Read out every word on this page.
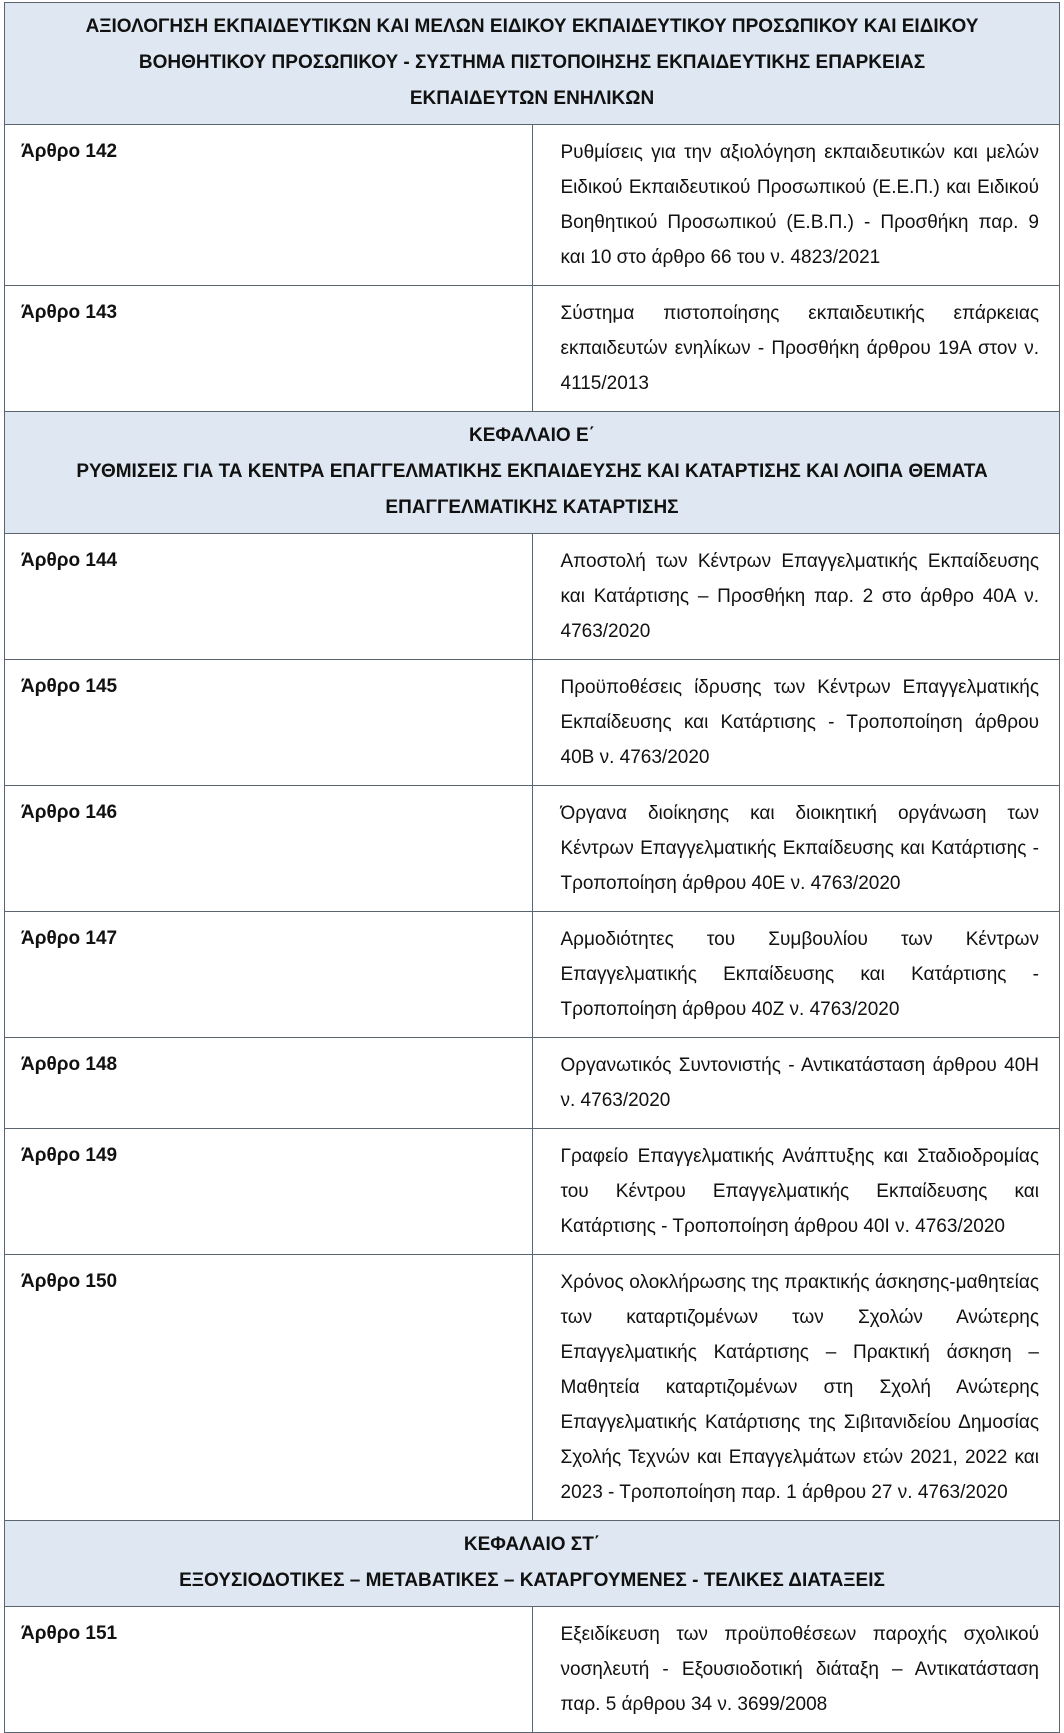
ΑΞΙΟΛΟΓΗΣΗ ΕΚΠΑΙΔΕΥΤΙΚΩΝ ΚΑΙ ΜΕΛΩΝ ΕΙΔΙΚΟΥ ΕΚΠΑΙΔΕΥΤΙΚΟΥ ΠΡΟΣΩΠΙΚΟΥ ΚΑΙ ΕΙΔΙΚΟΥ
ΒΟΗΘΗΤΙΚΟΥ ΠΡΟΣΩΠΙΚΟΥ - ΣΥΣΤΗΜΑ ΠΙΣΤΟΠΟΙΗΣΗΣ ΕΚΠΑΙΔΕΥΤΙΚΗΣ ΕΠΑΡΚΕΙΑΣ
ΕΚΠΑΙΔΕΥΤΩΝ ΕΝΗΛΙΚΩΝ	

Άρθρο 142	Ρυθμίσεις για την αξιολόγηση εκπαιδευτικών και μελών Ειδικού Εκπαιδευτικού Προσωπικού (Ε.Ε.Π.) και Ειδικού Βοηθητικού Προσωπικού (Ε.Β.Π.) - Προσθήκη παρ. 9 και 10 στο άρθρο 66 του ν. 4823/2021
Άρθρο 143	Σύστημα πιστοποίησης εκπαιδευτικής επάρκειας εκπαιδευτών ενηλίκων - Προσθήκη άρθρου 19Α στον ν. 4115/2013

ΚΕΦΑΛΑΙΟ Ε΄
ΡΥΘΜΙΣΕΙΣ ΓΙΑ ΤΑ ΚΕΝΤΡΑ ΕΠΑΓΓΕΛΜΑΤΙΚΗΣ ΕΚΠΑΙΔΕΥΣΗΣ ΚΑΙ ΚΑΤΑΡΤΙΣΗΣ ΚΑΙ ΛΟΙΠΑ ΘΕΜΑΤΑ
ΕΠΑΓΓΕΛΜΑΤΙΚΗΣ ΚΑΤΑΡΤΙΣΗΣ	

Άρθρο 144	Αποστολή των Κέντρων Επαγγελματικής Εκπαίδευσης και Κατάρτισης – Προσθήκη παρ. 2 στο άρθρο 40Α ν. 4763/2020
Άρθρο 145	Προϋποθέσεις ίδρυσης των Κέντρων Επαγγελματικής Εκπαίδευσης και Κατάρτισης - Τροποποίηση άρθρου 40Β ν. 4763/2020
Άρθρο 146	Όργανα διοίκησης και διοικητική οργάνωση των Κέντρων Επαγγελματικής Εκπαίδευσης και Κατάρτισης - Τροποποίηση άρθρου 40Ε ν. 4763/2020
Άρθρο 147	Αρμοδιότητες του Συμβουλίου των Κέντρων Επαγγελματικής Εκπαίδευσης και Κατάρτισης - Τροποποίηση άρθρου 40Ζ ν. 4763/2020
Άρθρο 148	Οργανωτικός Συντονιστής - Αντικατάσταση άρθρου 40Η ν. 4763/2020
Άρθρο 149	Γραφείο Επαγγελματικής Ανάπτυξης και Σταδιοδρομίας του Κέντρου Επαγγελματικής Εκπαίδευσης και Κατάρτισης - Τροποποίηση άρθρου 40Ι ν. 4763/2020
Άρθρο 150	Χρόνος ολοκλήρωσης της πρακτικής άσκησης-μαθητείας των καταρτιζομένων των Σχολών Ανώτερης Επαγγελματικής Κατάρτισης – Πρακτική άσκηση – Μαθητεία καταρτιζομένων στη Σχολή Ανώτερης Επαγγελματικής Κατάρτισης της Σιβιτανιδείου Δημοσίας Σχολής Τεχνών και Επαγγελμάτων ετών 2021, 2022 και 2023 - Τροποποίηση παρ. 1 άρθρου 27 ν. 4763/2020

ΚΕΦΑΛΑΙΟ ΣΤ΄
ΕΞΟΥΣΙΟΔΟΤΙΚΕΣ – ΜΕΤΑΒΑΤΙΚΕΣ – ΚΑΤΑΡΓΟΥΜΕΝΕΣ - ΤΕΛΙΚΕΣ ΔΙΑΤΑΞΕΙΣ	

Άρθρο 151	Εξειδίκευση των προϋποθέσεων παροχής σχολικού νοσηλευτή - Εξουσιοδοτική διάταξη – Αντικατάσταση παρ. 5 άρθρου 34 ν. 3699/2008
